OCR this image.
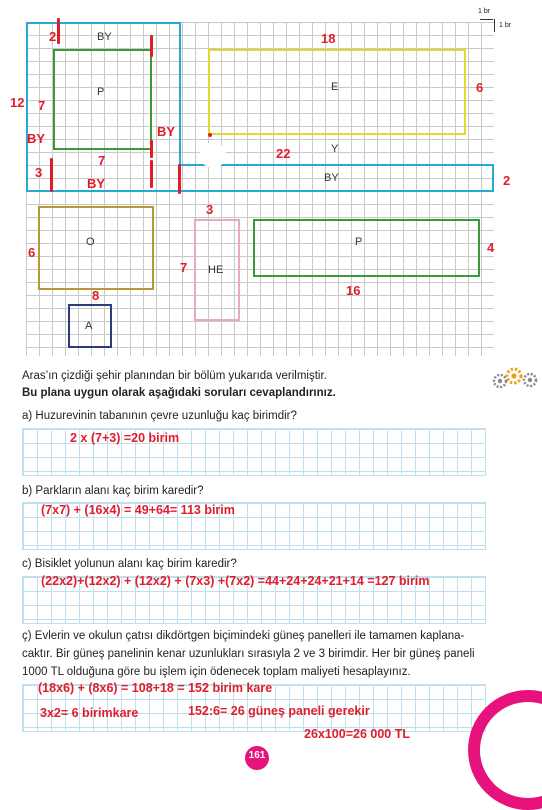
1 br
1 br
BY
P	E
Y
BY
O
HE
P
A
2	18
12 7
6
BY	BY
3
7	22
BY	2
6
3
7
4
8	16
Aras’ın çizdiği şehir planından bir bölüm yukarıda verilmiştir.
Bu plana uygun olarak aşağıdaki soruları cevaplandırınız.
a) Huzurevinin tabanının çevre uzunluğu kaç birimdir?
2 x (7+3) =20 birim
b) Parkların alanı kaç birim karedir?
(7x7) + (16x4) = 49+64= 113 birim
c) Bisiklet yolunun alanı kaç birim karedir?
(22x2)+(12x2) + (12x2) + (7x3) +(7x2) =44+24+24+21+14 =127 birim
ç) Evlerin ve okulun çatısı dikdörtgen biçimindeki güneş panelleri ile tamamen kaplana-
caktır. Bir güneş panelinin kenar uzunlukları sırasıyla 2 ve 3 birimdir. Her bir güneş paneli
1000 TL olduğuna göre bu işlem için ödenecek toplam maliyeti hesaplayınız.
(18x6) + (8x6) = 108+18 = 152 birim kare
3x2= 6 birimkare	152:6= 26 güneş paneli gerekir
26x100=26 000 TL
161
